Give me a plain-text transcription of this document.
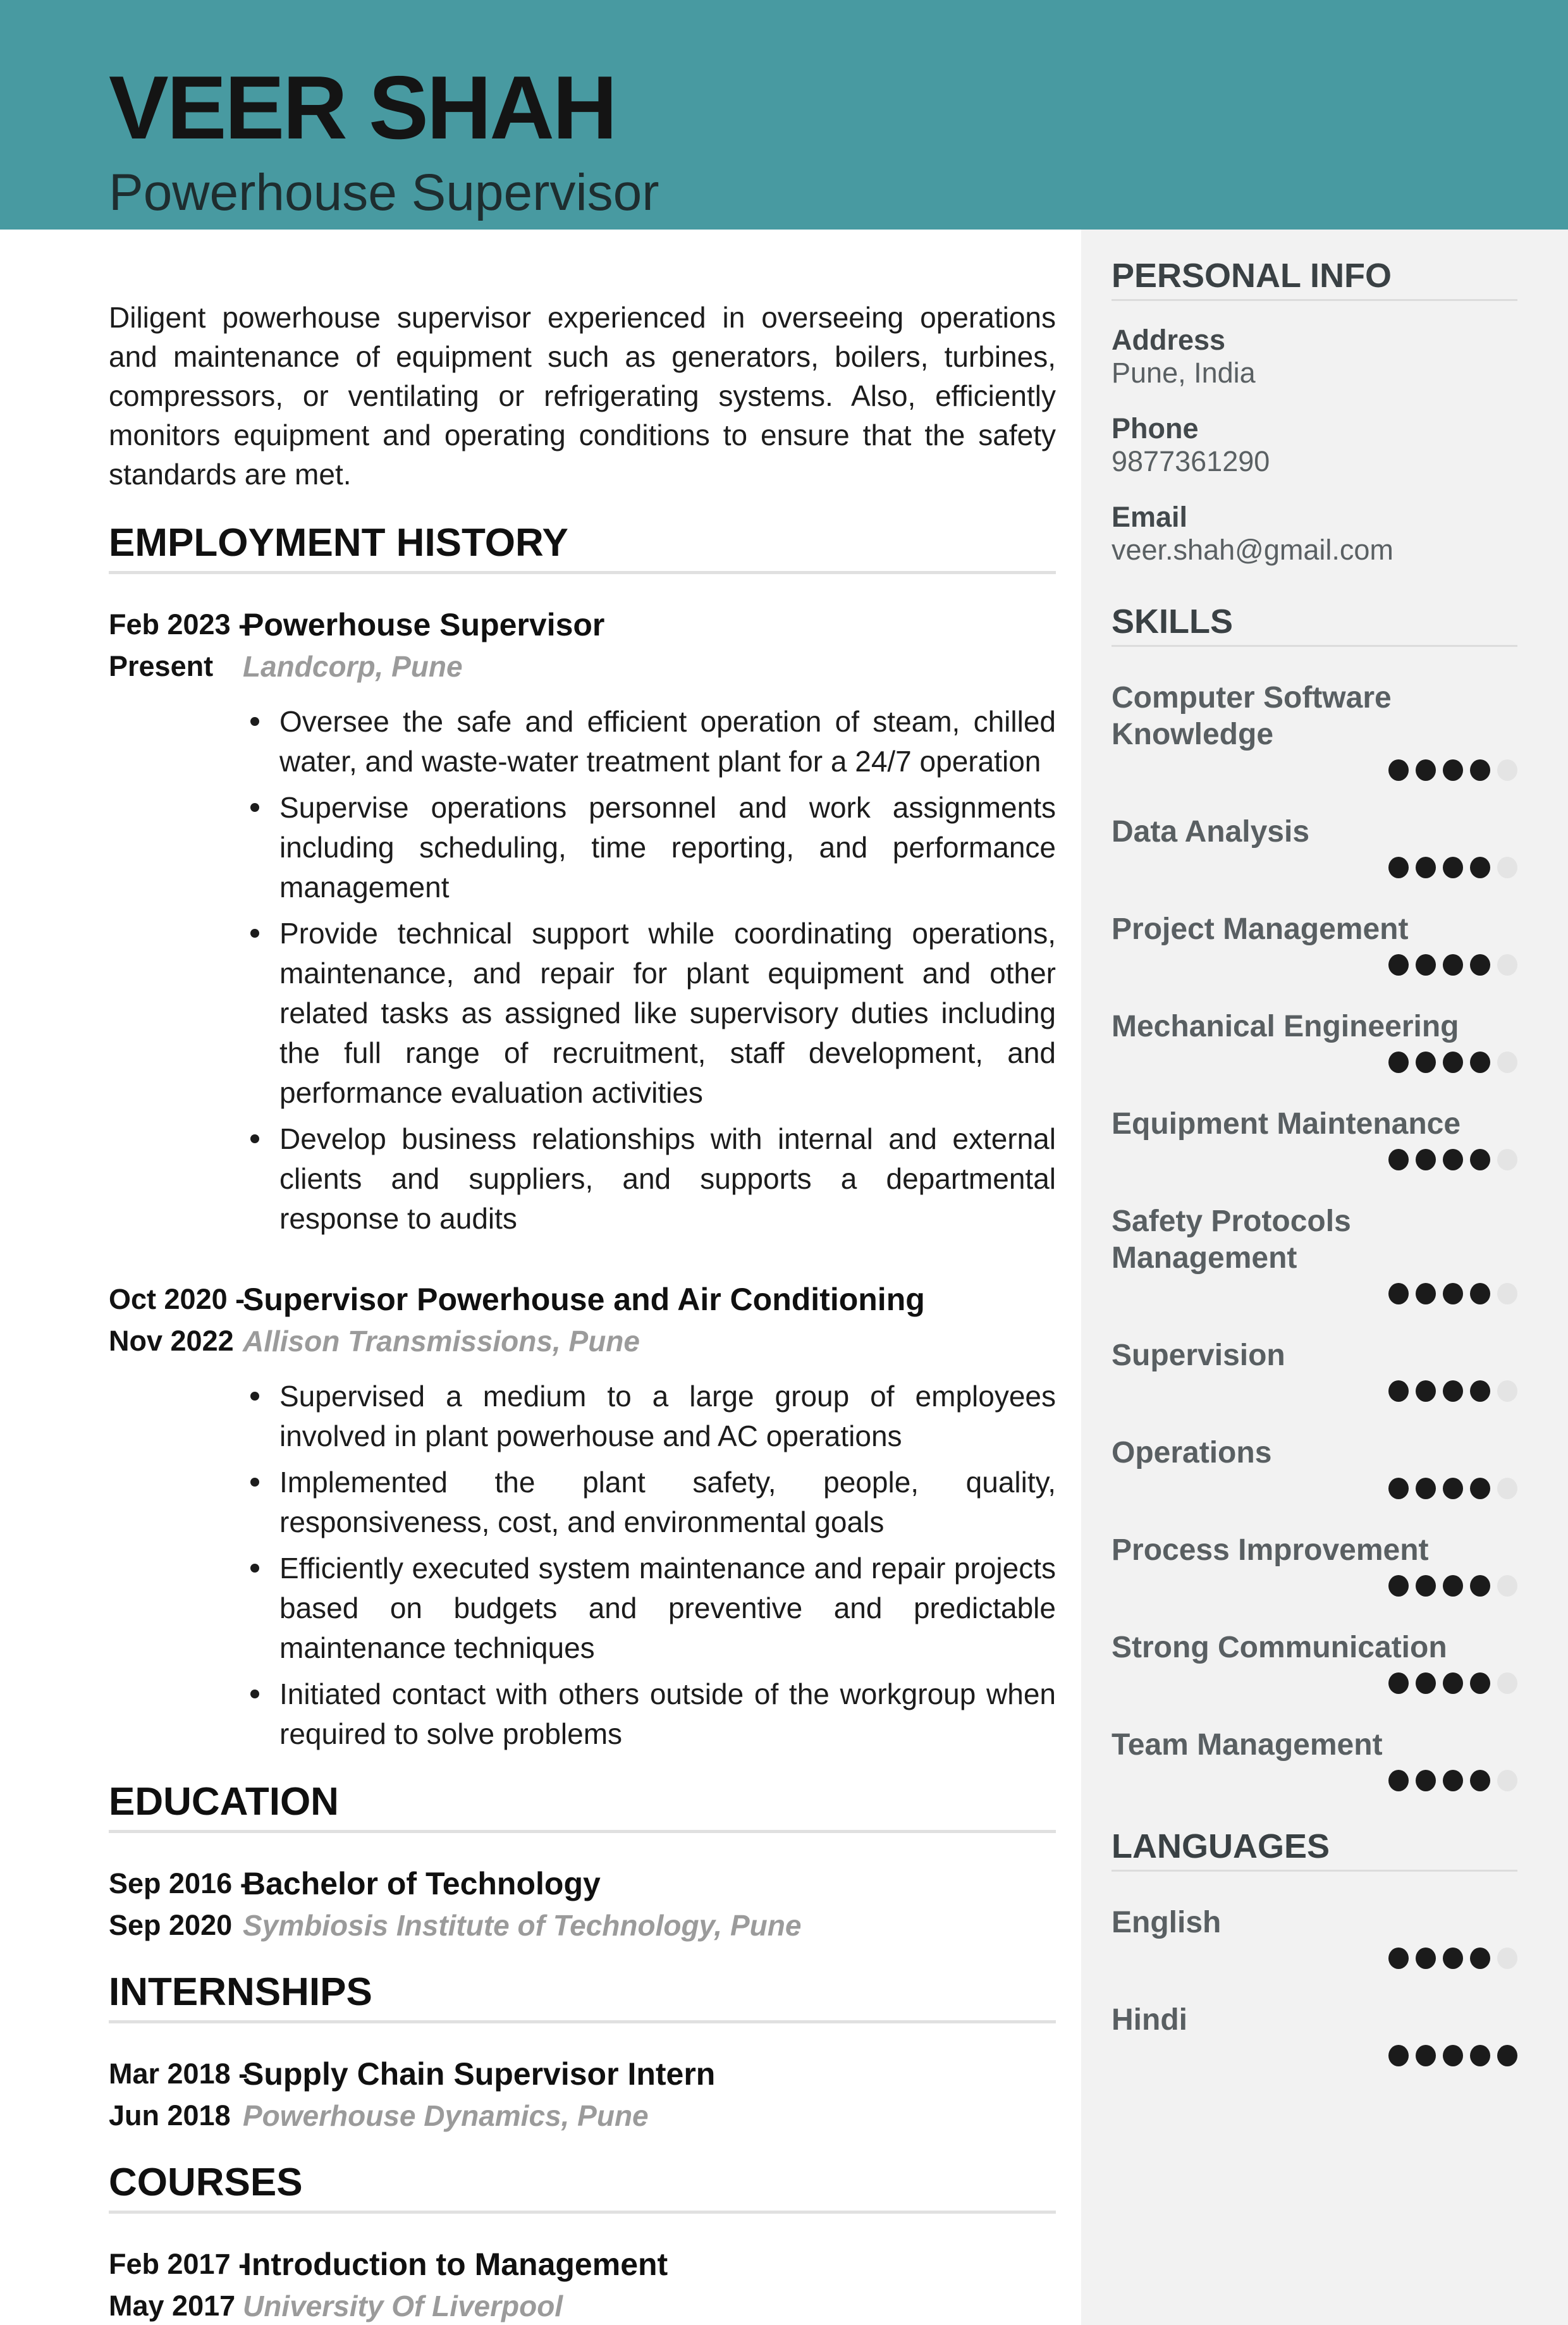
VEER SHAH
Powerhouse Supervisor

Diligent powerhouse supervisor experienced in overseeing operations and maintenance of equipment such as generators, boilers, turbines, compressors, or ventilating or refrigerating systems. Also, efficiently monitors equipment and operating conditions to ensure that the safety standards are met.

EMPLOYMENT HISTORY
Feb 2023 -
Powerhouse Supervisor
Present	Landcorp, Pune
Oversee the safe and efficient operation of steam, chilled water, and waste-water treatment plant for a 24/7 operation
Supervise operations personnel and work assignments including scheduling, time reporting, and performance management
Provide technical support while coordinating operations, maintenance, and repair for plant equipment and other related tasks as assigned like supervisory duties including the full range of recruitment, staff development, and performance evaluation activities
Develop business relationships with internal and external clients and suppliers, and supports a departmental response to audits
Oct 2020 -
Supervisor Powerhouse and Air Conditioning
Nov 2022 Allison Transmissions, Pune
Supervised a medium to a large group of employees involved in plant powerhouse and AC operations
Implemented the plant safety, people, quality, responsiveness, cost, and environmental goals
Efficiently executed system maintenance and repair projects based on budgets and preventive and predictable maintenance techniques
Initiated contact with others outside of the workgroup when required to solve problems
EDUCATION
Sep 2016 -
Bachelor of Technology
Sep 2020 Symbiosis Institute of Technology, Pune
INTERNSHIPS
Mar 2018 -
Supply Chain Supervisor Intern
Jun 2018 Powerhouse Dynamics, Pune
COURSES
Feb 2017 -
Introduction to Management
May 2017 University Of Liverpool
PERSONAL INFO
Address
Pune, India
Phone
9877361290
Email
veer.shah@gmail.com
SKILLS
Computer Software Knowledge
Data Analysis
Project Management
Mechanical Engineering
Equipment Maintenance
Safety Protocols Management
Supervision
Operations
Process Improvement
Strong Communication
Team Management
LANGUAGES
English
Hindi
